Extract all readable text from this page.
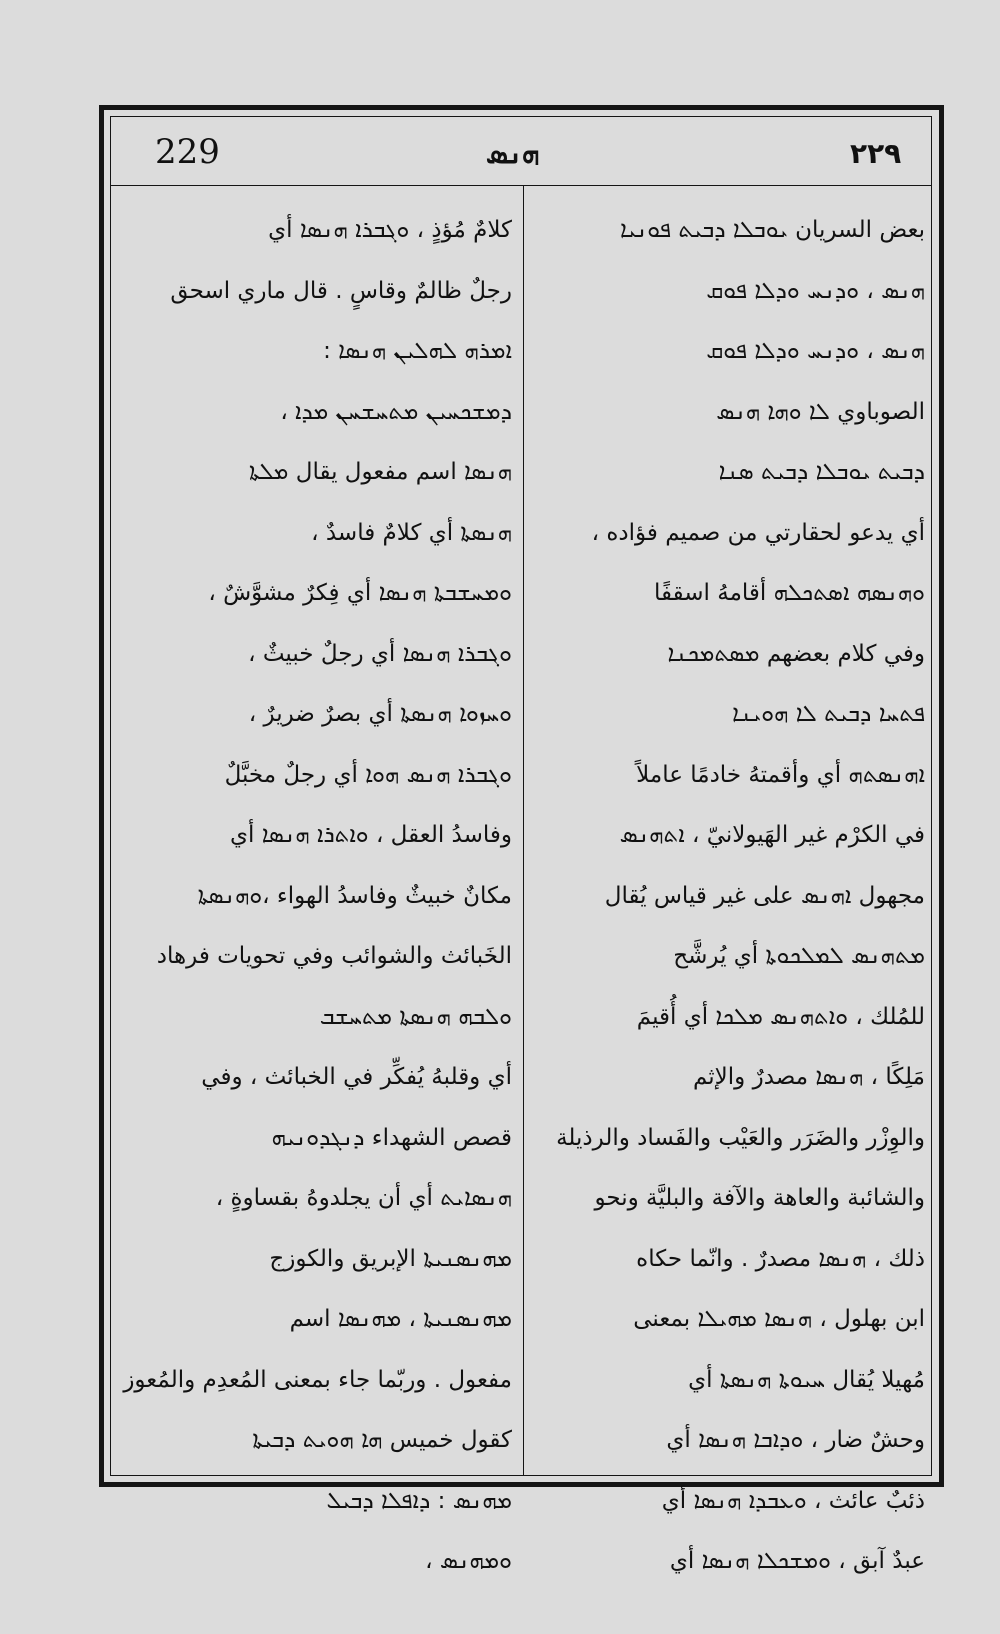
229	ܗܢܣ	٢٢٩
بعض السريان ܝܘܒܠܐ ܕܒܝܬ ܦܘܢܝܐ
ܗܢܣ ، ܘܕܢܚ ܘܕܠܐ ܦܘܩ
ܗܢܣ ، ܘܕܢܚ ܘܕܠܐ ܦܘܩ
الصوباوي ܠܐ ܘܗܐ ܗܢܣ
ܕܒܝܬ ܝܘܒܠܐ ܕܒܝܬ ܣܢܐ
أي يدعو لحقارتي من صميم فؤاده ،
ܘܗܢܣܗ ܐܣܬܟܠܗ أقامهُ اسقفًا
وفي كلام بعضهم ܡܣܬܡܟܢܐ
ܦܬܚܐ ܕܒܝܬ ܠܐ ܗܘܝܢܐ
ܐܗܢܣܬܗ أي وأقمتهُ خادمًا عاملاً
في الكرْم غير الهَيولانيّ ، ܐܬܗܢܣ
مجهول ܐܗܢܣ على غير قياس يُقال
ܡܬܗܢܣ ܠܡܠܟܘܬܐ أي يُرشَّح
للمُلك ، ܘܐܬܗܢܣ ܡܠܟܐ أي أُقيمَ
مَلِكًا ، ܗܢܣܐ مصدرٌ والإثم
والوِزْر والضَرَر والعَيْب والفَساد والرذيلة
والشائبة والعاهة والآفة والبليَّة ونحو
ذلك ، ܗܢܣܐ مصدرٌ . وانّما حكاه
ابن بهلول ، ܗܢܣܐ ܡܗܝܠܐ بمعنى
مُهيلا يُقال ܚܝܘܬܐ ܗܢܣܬܐ أي
وحشٌ ضار ، ܘܕܐܒܐ ܗܢܣܐ أي
ذئبٌ عائث ، ܘܥܒܕܐ ܗܢܣܐ أي
عبدٌ آبق ، ܘܡܫܟܠܐ ܗܢܣܐ أي
كلامٌ مُؤذٍ ، ܘܓܒܪܐ ܗܢܣܐ أي
رجلٌ ظالمٌ وقاسٍ . قال ماري اسحق
ܐܡܪܗ ܠܗܠܝܢ ܗܢܣܐ :
ܕܡܫܟܚܝܢ ܡܬܚܫܚܢ ܡܕܐ ،
ܗܢܣܐ اسم مفعول يقال ܡܠܬܐ
ܗܢܣܬܐ أي كلامٌ فاسدٌ ،
ܘܡܚܫܒܬܐ ܗܢܣܐ أي فِكرٌ مشوَّشٌ ،
ܘܓܒܪܐ ܗܢܣܐ أي رجلٌ خبيثٌ ،
ܘܚܙܘܐ ܗܢܣܬܐ أي بصرٌ ضريرٌ ،
ܘܓܒܪܐ ܗܢܣ ܗܘܐ أي رجلٌ مخبَّلٌ
وفاسدُ العقل ، ܘܐܬܪܐ ܗܢܣܐ أي
مكانٌ خبيثٌ وفاسدُ الهواء ،ܘܗܢܣܬܐ
الخَبائث والشوائب وفي تحويات فرهاد
ܘܠܒܗ ܗܢܣܬܐ ܡܬܚܫܒ
أي وقلبهُ يُفكِّر في الخبائث ، وفي
قصص الشهداء ܕܢܓܕܘܢܝܗ
ܗܢܣܐܝܬ أي أن يجلدوهُ بقساوةٍ ،
ܡܗܢܣܢܝܬܐ الإبريق والكوزج
ܡܗܢܣܢܝܬܐ ، ܡܗܢܣܐ اسم
مفعول . وربّما جاء بمعنى المُعدِم والمُعوز
كقول خميس ܗܐ ܗܘܝܬ ܕܒܝܬܐ
ܡܗܢܣ : ܕܐܦܠܐ ܕܒܝܠ
ܘܡܗܢܣ ،
